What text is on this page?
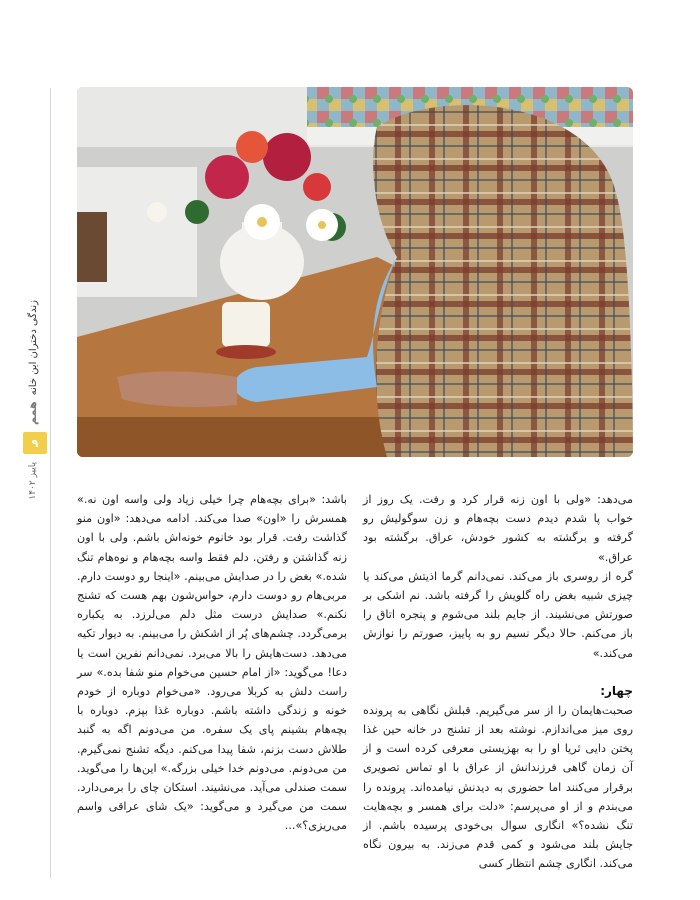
زندگی دختران این خانه
همم
۹
پاییز ۱۴۰۲

می‌دهد: «ولی با اون زنه قرار کرد و رفت. یک روز از خواب پا شدم دیدم دست بچه‌هام و زن سوگولیش رو گرفته و برگشته به کشور خودش، عراق. برگشته بود عراق.»

گره از روسری باز می‌کند. نمی‌دانم گرما اذیتش می‌کند یا چیزی شبیه بغض راه گلویش را گرفته باشد. نم اشکی بر صورتش می‌نشیند. از جایم بلند می‌شوم و پنجره اتاق را باز می‌کنم. حالا دیگر نسیم رو به پاییز، صورتم را نوازش می‌کند.»

چهار:

صحبت‌هایمان را از سر می‌گیریم. قبلش نگاهی به پرونده روی میز می‌اندازم. نوشته بعد از تشنج در خانه حین غذا پختن دایی ثریا او را به بهزیستی معرفی کرده است و از آن زمان گاهی فرزندانش از عراق با او تماس تصویری برقرار می‌کنند اما حضوری به دیدنش نیامده‌اند. پرونده را می‌بندم و از او می‌پرسم: «دلت برای همسر و بچه‌هایت تنگ نشده؟» انگاری سوال بی‌خودی پرسیده باشم. از جایش بلند می‌شود و کمی قدم می‌زند. به بیرون نگاه می‌کند. انگاری چشم انتظار کسی

باشد: «برای بچه‌هام چرا خیلی زیاد ولی واسه اون نه.» همسرش را «اون» صدا می‌کند. ادامه می‌دهد: «اون منو گذاشت رفت. قرار بود خانوم خونه‌اش باشم. ولی با اون زنه گذاشتن و رفتن. دلم فقط واسه بچه‌هام و نوه‌هام تنگ شده.» بغض را در صدایش می‌بینم. «اینجا رو دوست دارم. مربی‌هام رو دوست دارم، حواس‌شون بهم هست که تشنج نکنم.» صدایش درست مثل دلم می‌لرزد. به یکباره برمی‌گردد. چشم‌های پُر از اشکش را می‌بینم. به دیوار تکیه می‌دهد. دست‌هایش را بالا می‌برد. نمی‌دانم نفرین است یا دعا! می‌گوید: «از امام حسین می‌خوام منو شفا بده.» سر راست دلش به کربلا می‌رود. «می‌خوام دوباره از خودم خونه و زندگی داشته باشم. دوباره غذا بپزم. دوباره با بچه‌هام بشینم پای یک سفره. من می‌دونم اگه به گنبد طلاش دست بزنم، شفا پیدا می‌کنم. دیگه تشنج نمی‌گیرم. من می‌دونم. می‌دونم خدا خیلی بزرگه.» این‌ها را می‌گوید. سمت صندلی می‌آید. می‌نشیند. استکان چای را برمی‌دارد. سمت من می‌گیرد و می‌گوید: «یک شای عراقی واسم می‌ریزی؟»...
